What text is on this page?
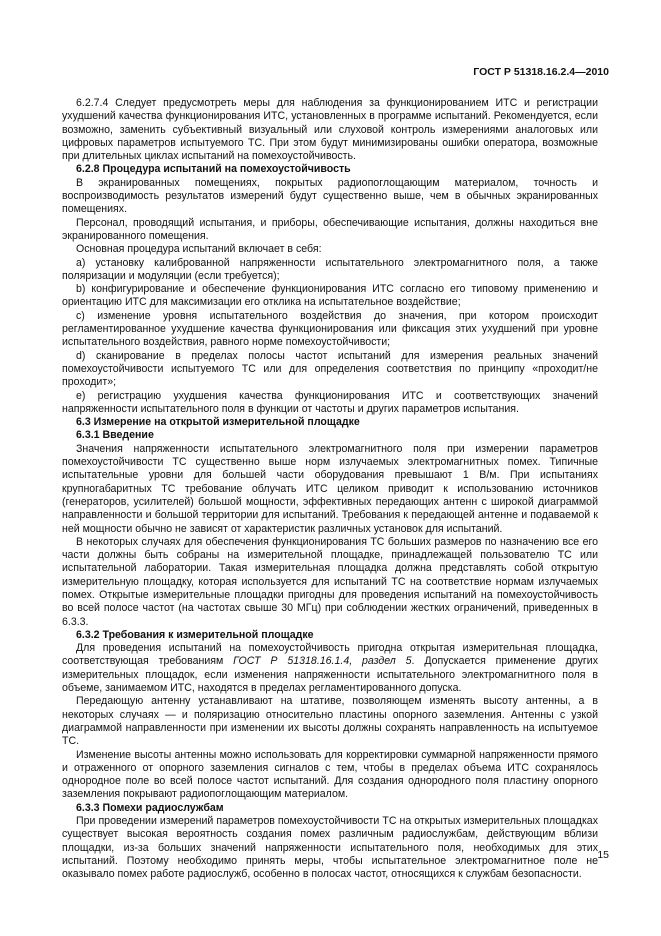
ГОСТ Р 51318.16.2.4—2010

6.2.7.4 Следует предусмотреть меры для наблюдения за функционированием ИТС и регистрации ухудшений качества функционирования ИТС, установленных в программе испытаний. Рекомендуется, если возможно, заменить субъективный визуальный или слуховой контроль измерениями аналоговых или цифровых параметров испытуемого ТС. При этом будут минимизированы ошибки оператора, возможные при длительных циклах испытаний на помехоустойчивость.

6.2.8 Процедура испытаний на помехоустойчивость

В экранированных помещениях, покрытых радиопоглощающим материалом, точность и воспроизводимость результатов измерений будут существенно выше, чем в обычных экранированных помещениях.

Персонал, проводящий испытания, и приборы, обеспечивающие испытания, должны находиться вне экранированного помещения.

Основная процедура испытаний включает в себя:

а) установку калиброванной напряженности испытательного электромагнитного поля, а также поляризации и модуляции (если требуется);

b) конфигурирование и обеспечение функционирования ИТС согласно его типовому применению и ориентацию ИТС для максимизации его отклика на испытательное воздействие;

c) изменение уровня испытательного воздействия до значения, при котором происходит регламентированное ухудшение качества функционирования или фиксация этих ухудшений при уровне испытательного воздействия, равного норме помехоустойчивости;

d) сканирование в пределах полосы частот испытаний для измерения реальных значений помехоустойчивости испытуемого ТС или для определения соответствия по принципу «проходит/не проходит»;

e) регистрацию ухудшения качества функционирования ИТС и соответствующих значений напряженности испытательного поля в функции от частоты и других параметров испытания.

6.3 Измерение на открытой измерительной площадке

6.3.1 Введение

Значения напряженности испытательного электромагнитного поля при измерении параметров помехоустойчивости ТС существенно выше норм излучаемых электромагнитных помех. Типичные испытательные уровни для большей части оборудования превышают 1 В/м. При испытаниях крупногабаритных ТС требование облучать ИТС целиком приводит к использованию источников (генераторов, усилителей) большой мощности, эффективных передающих антенн с широкой диаграммой направленности и большой территории для испытаний. Требования к передающей антенне и подаваемой к ней мощности обычно не зависят от характеристик различных установок для испытаний.

В некоторых случаях для обеспечения функционирования ТС больших размеров по назначению все его части должны быть собраны на измерительной площадке, принадлежащей пользователю ТС или испытательной лаборатории. Такая измерительная площадка должна представлять собой открытую измерительную площадку, которая используется для испытаний ТС на соответствие нормам излучаемых помех. Открытые измерительные площадки пригодны для проведения испытаний на помехоустойчивость во всей полосе частот (на частотах свыше 30 МГц) при соблюдении жестких ограничений, приведенных в 6.3.3.

6.3.2 Требования к измерительной площадке

Для проведения испытаний на помехоустойчивость пригодна открытая измерительная площадка, соответствующая требованиям ГОСТ Р 51318.16.1.4, раздел 5. Допускается применение других измерительных площадок, если изменения напряженности испытательного электромагнитного поля в объеме, занимаемом ИТС, находятся в пределах регламентированного допуска.

Передающую антенну устанавливают на штативе, позволяющем изменять высоту антенны, а в некоторых случаях — и поляризацию относительно пластины опорного заземления. Антенны с узкой диаграммой направленности при изменении их высоты должны сохранять направленность на испытуемое ТС.

Изменение высоты антенны можно использовать для корректировки суммарной напряженности прямого и отраженного от опорного заземления сигналов с тем, чтобы в пределах объема ИТС сохранялось однородное поле во всей полосе частот испытаний. Для создания однородного поля пластину опорного заземления покрывают радиопоглощающим материалом.

6.3.3 Помехи радиослужбам

При проведении измерений параметров помехоустойчивости ТС на открытых измерительных площадках существует высокая вероятность создания помех различным радиослужбам, действующим вблизи площадки, из-за больших значений напряженности испытательного поля, необходимых для этих испытаний. Поэтому необходимо принять меры, чтобы испытательное электромагнитное поле не оказывало помех работе радиослужб, особенно в полосах частот, относящихся к службам безопасности.

15
